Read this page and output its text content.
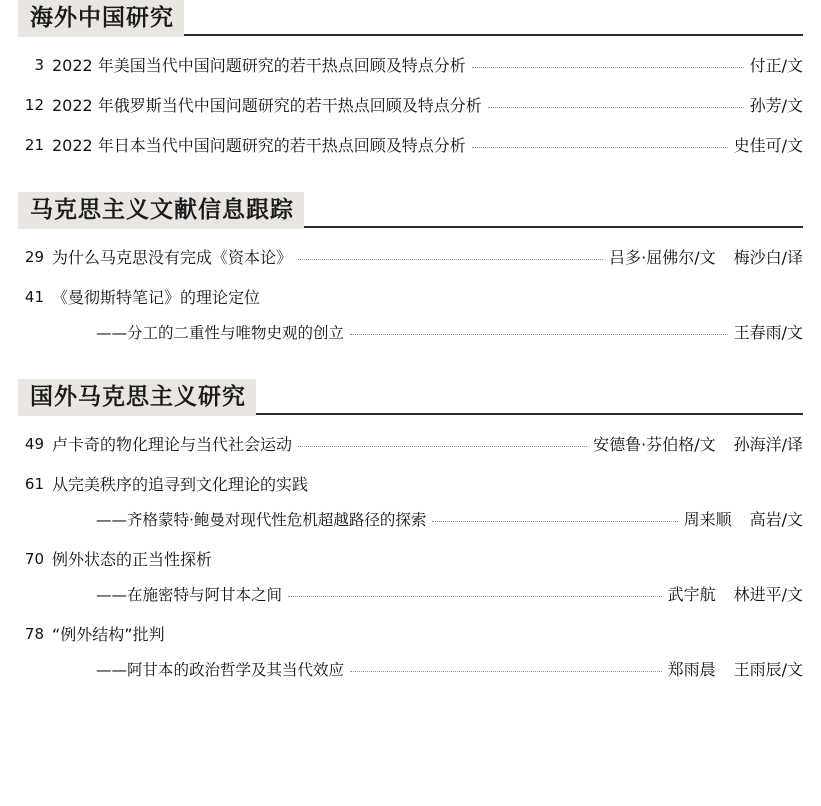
海外中国研究
3 2022 年美国当代中国问题研究的若干热点回顾及特点分析	付正/文
12 2022 年俄罗斯当代中国问题研究的若干热点回顾及特点分析	孙芳/文
21 2022 年日本当代中国问题研究的若干热点回顾及特点分析	史佳可/文
马克思主义文献信息跟踪
29 为什么马克思没有完成《资本论》	吕多·屈佛尔/文 梅沙白/译
41 《曼彻斯特笔记》的理论定位
——分工的二重性与唯物史观的创立	王春雨/文
国外马克思主义研究
49 卢卡奇的物化理论与当代社会运动	安德鲁·芬伯格/文 孙海洋/译
61 从完美秩序的追寻到文化理论的实践
——齐格蒙特·鲍曼对现代性危机超越路径的探索	周来顺 高岩/文
70 例外状态的正当性探析
——在施密特与阿甘本之间	武宇航 林进平/文
78 “例外结构”批判
——阿甘本的政治哲学及其当代效应	郑雨晨 王雨辰/文
